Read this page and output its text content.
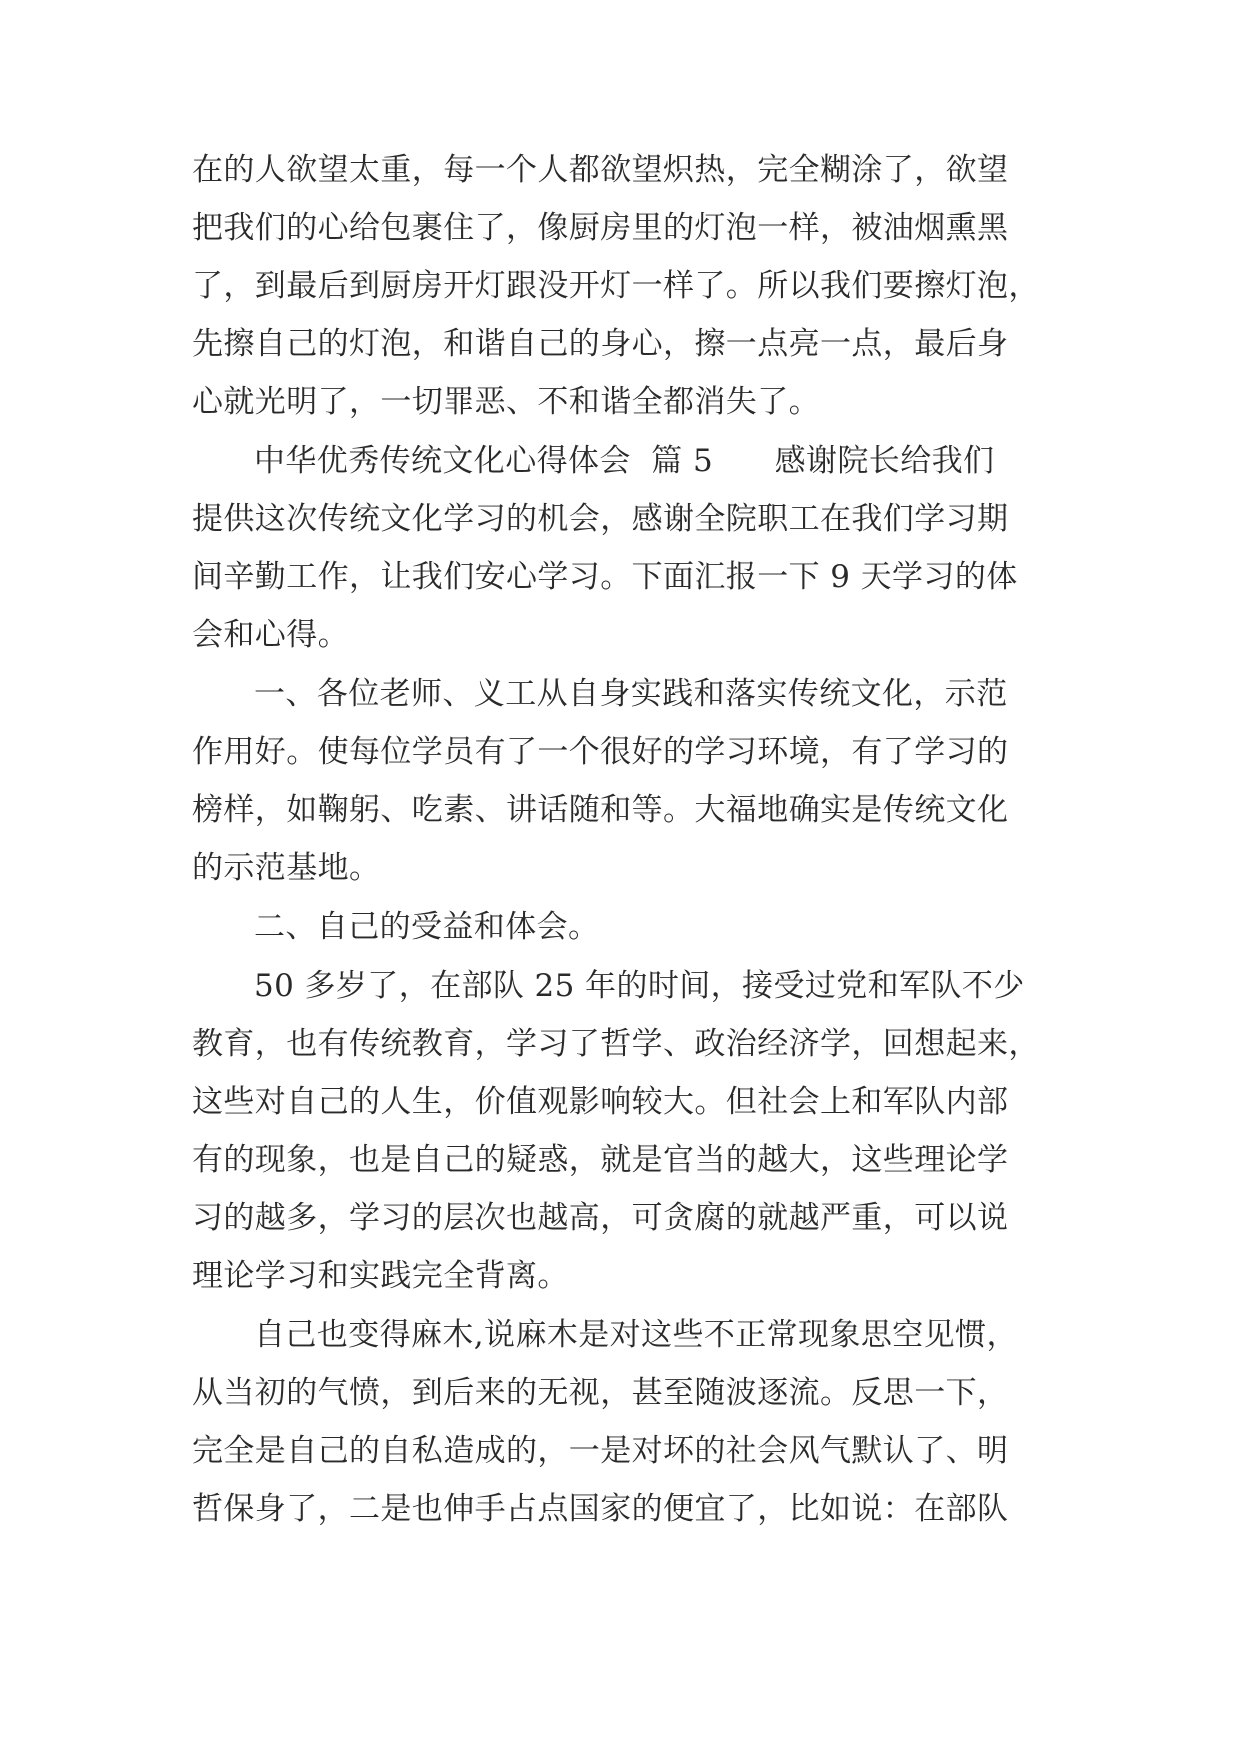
在的人欲望太重，每一个人都欲望炽热，完全糊涂了，欲望
把我们的心给包裹住了，像厨房里的灯泡一样，被油烟熏黑
了，到最后到厨房开灯跟没开灯一样了。所以我们要擦灯泡，
先擦自己的灯泡，和谐自己的身心，擦一点亮一点，最后身
心就光明了，一切罪恶、不和谐全都消失了。
中华优秀传统文化心得体会  篇 5      感谢院长给我们
提供这次传统文化学习的机会，感谢全院职工在我们学习期
间辛勤工作，让我们安心学习。下面汇报一下 9 天学习的体
会和心得。
一、各位老师、义工从自身实践和落实传统文化，示范
作用好。使每位学员有了一个很好的学习环境，有了学习的
榜样，如鞠躬、吃素、讲话随和等。大福地确实是传统文化
的示范基地。
二、自己的受益和体会。
50 多岁了，在部队 25 年的时间，接受过党和军队不少
教育，也有传统教育，学习了哲学、政治经济学，回想起来，
这些对自己的人生，价值观影响较大。但社会上和军队内部
有的现象，也是自己的疑惑，就是官当的越大，这些理论学
习的越多，学习的层次也越高，可贪腐的就越严重，可以说
理论学习和实践完全背离。
自己也变得麻木,说麻木是对这些不正常现象思空见惯，
从当初的气愤，到后来的无视，甚至随波逐流。反思一下，
完全是自己的自私造成的，一是对坏的社会风气默认了、明
哲保身了，二是也伸手占点国家的便宜了，比如说：在部队
